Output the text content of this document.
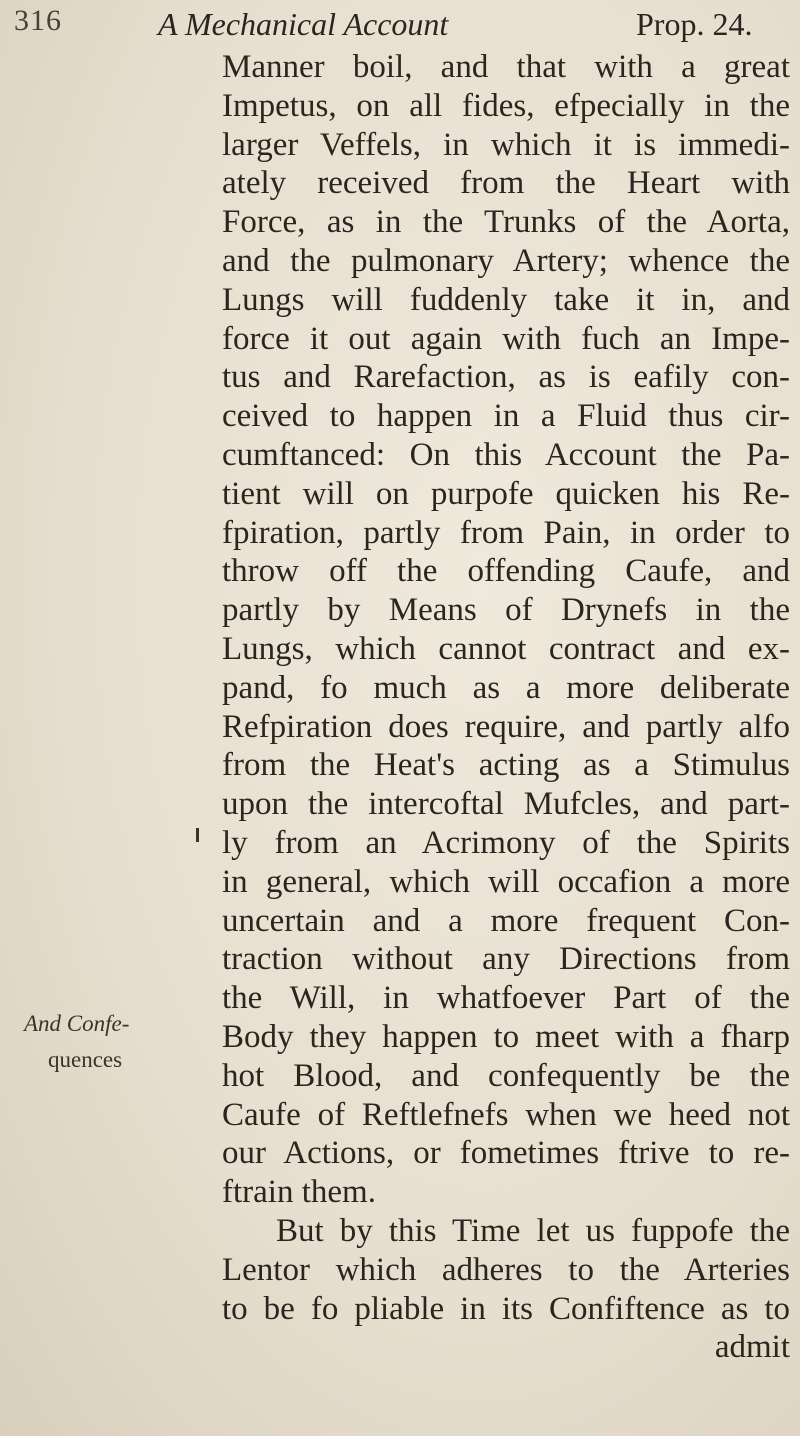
316	A Mechanical Account	Prop. 24.
Manner boil, and that with a great
Impetus, on all fides, efpecially in the
larger Veffels, in which it is immedi-
ately received from the Heart with
Force, as in the Trunks of the Aorta,
and the pulmonary Artery; whence the
Lungs will fuddenly take it in, and
force it out again with fuch an Impe-
tus and Rarefaction, as is eafily con-
ceived to happen in a Fluid thus cir-
cumftanced: On this Account the Pa-
tient will on purpofe quicken his Re-
fpiration, partly from Pain, in order to
throw off the offending Caufe, and
partly by Means of Drynefs in the
Lungs, which cannot contract and ex-
pand, fo much as a more deliberate
Refpiration does require, and partly alfo
from the Heat's acting as a Stimulus
upon the intercoftal Mufcles, and part-
ly from an Acrimony of the Spirits
in general, which will occafion a more
uncertain and a more frequent Con-
traction without any Directions from
the Will, in whatfoever Part of the
Body they happen to meet with a fharp
hot Blood, and confequently be the
Caufe of Reftlefnefs when we heed not
our Actions, or fometimes ftrive to re-
ftrain them.
But by this Time let us fuppofe the
Lentor which adheres to the Arteries
to be fo pliable in its Confiftence as to
admit
And Confe-
quences
